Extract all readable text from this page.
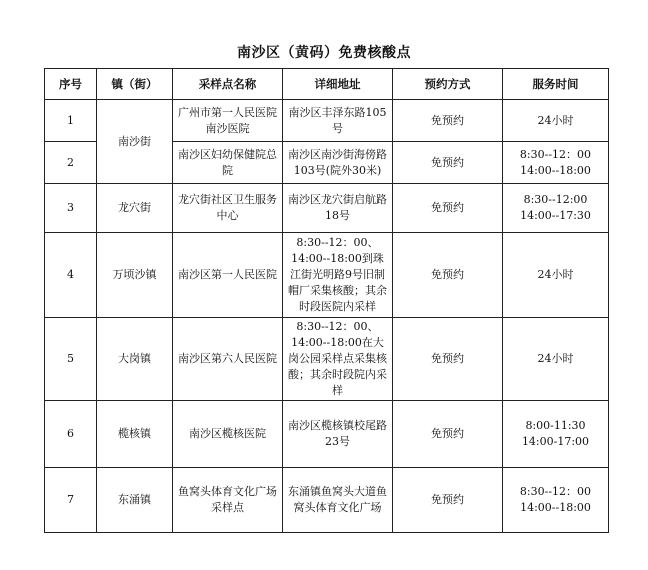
南沙区（黄码）免费核酸点
序号	镇（街）	采样点名称	详细地址	预约方式	服务时间
1	南沙街	广州市第一人民医院南沙医院	南沙区丰泽东路105号	免预约	24小时

2		南沙区妇幼保健院总院	南沙区南沙街海傍路103号(院外30米)	免预约	8:30--12：00
14:00--18:00

3	龙穴街	龙穴街社区卫生服务中心	南沙区龙穴街启航路18号	免预约	8:30--12:00
14:00--17:30

4	万顷沙镇	南沙区第一人民医院	8:30--12：00、14:00--18:00到珠江街光明路9号旧制帽厂采集核酸；其余时段医院内采样	免预约	24小时

5	大岗镇	南沙区第六人民医院	8:30--12：00、14:00--18:00在大岗公园采样点采集核酸；其余时段院内采样	免预约	24小时

6	榄核镇	南沙区榄核医院	南沙区榄核镇校尾路23号	免预约	8:00-11:30
14:00-17:00

7	东涌镇	鱼窝头体育文化广场采样点	东涌镇鱼窝头大道鱼窝头体育文化广场	免预约	8:30--12：00
14:00--18:00
